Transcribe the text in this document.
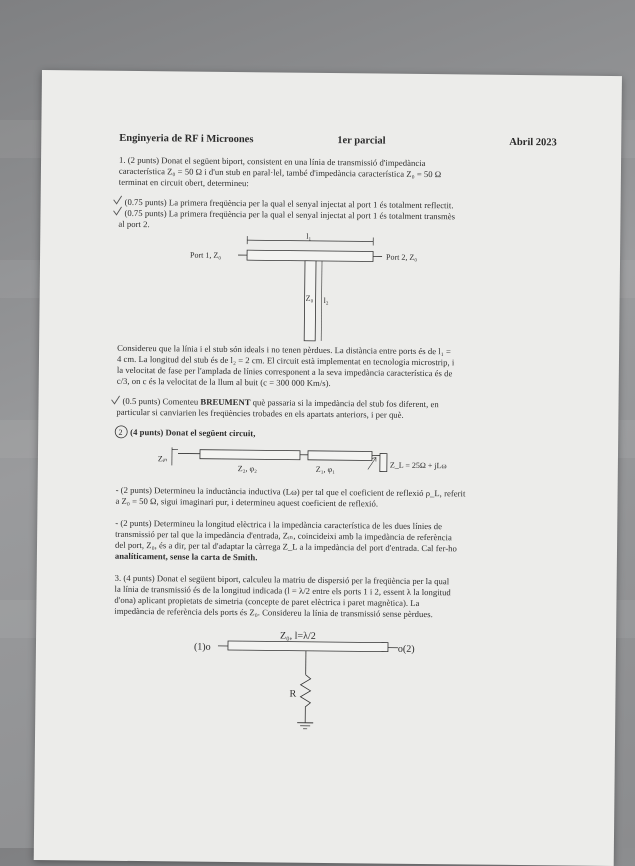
Enginyeria de RF i Microones	1er parcial	Abril 2023
1. (2 punts) Donat el següent biport, consistent en una línia de transmissió d'impedància
característica Z₀ = 50 Ω i d'un stub en paral·lel, també d'impedància característica Z₀ = 50 Ω
terminat en circuit obert, determineu:
(0.75 punts) La primera freqüència per la qual el senyal injectat al port 1 és totalment reflectit.
(0.75 punts) La primera freqüència per la qual el senyal injectat al port 1 és totalment transmès
al port 2.
l₁
Port 1, Z₀	Port 2, Z₀
Z₀ l₂
Considereu que la línia i el stub són ideals i no tenen pèrdues. La distància entre ports és de l₁ =
4 cm. La longitud del stub és de l₂ = 2 cm. El circuit està implementat en tecnologia microstrip, i
la velocitat de fase per l'amplada de línies corresponent a la seva impedància característica és de
c/3, on c és la velocitat de la llum al buit (c = 300 000 Km/s).
(0.5 punts) Comenteu BREUMENT què passaria si la impedància del stub fos diferent, en
particular si canviarien les freqüències trobades en els apartats anteriors, i per què.
2 (4 punts) Donat el següent circuit,
Zᵢₙ
Z₂, φ₂	Z₁, φ₁	Z_L = 25Ω + jLω
- (2 punts) Determineu la inductància inductiva (Lω) per tal que el coeficient de reflexió ρ_L, referit
a Z₀ = 50 Ω, sigui imaginari pur, i determineu aquest coeficient de reflexió.
- (2 punts) Determineu la longitud elèctrica i la impedància característica de les dues línies de
transmissió per tal que la impedància d'entrada, Zᵢₙ, coincideixi amb la impedància de referència
del port, Z₀, és a dir, per tal d'adaptar la càrrega Z_L a la impedància del port d'entrada. Cal fer-ho
analíticament, sense la carta de Smith.
3. (4 punts) Donat el següent biport, calculeu la matriu de dispersió per la freqüència per la qual
la línia de transmissió és de la longitud indicada (l = λ/2 entre els ports 1 i 2, essent λ la longitud
d'ona) aplicant propietats de simetria (concepte de paret elèctrica i paret magnètica). La
impedància de referència dels ports és Z₀. Considereu la línia de transmissió sense pèrdues.
(1)o
Z₀, l=λ/2
o(2)
R
